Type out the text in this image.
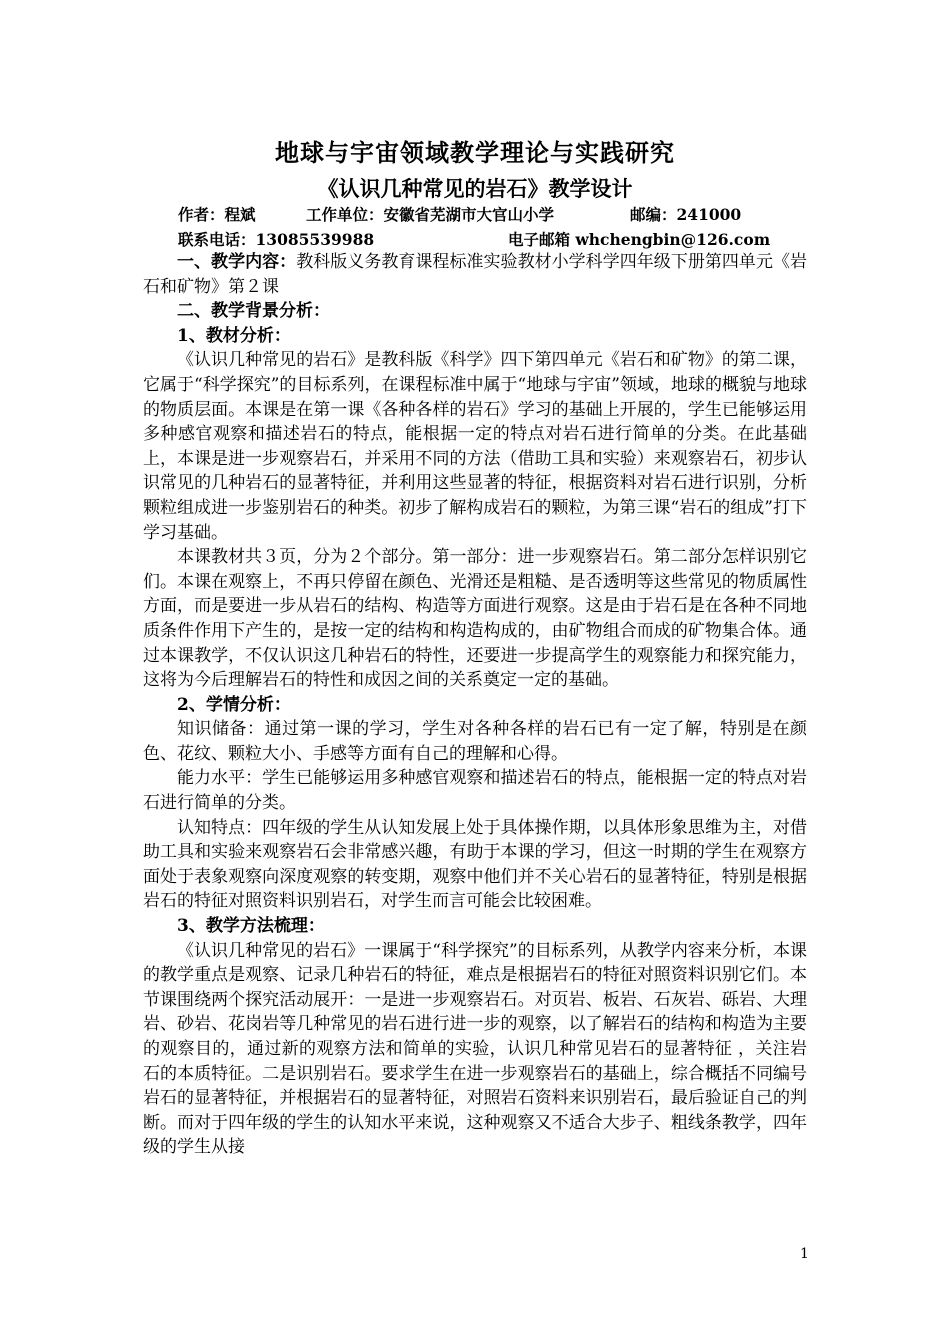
地球与宇宙领域教学理论与实践研究
《认识几种常见的岩石》教学设计
作者：程斌	工作单位：安徽省芜湖市大官山小学	邮编：241000
联系电话：13085539988	电子邮箱 whchengbin@126.com

一、教学内容：教科版义务教育课程标准实验教材小学科学四年级下册第四单元《岩石和矿物》第２课

二、教学背景分析：

1、教材分析：

《认识几种常见的岩石》是教科版《科学》四下第四单元《岩石和矿物》的第二课，它属于“科学探究”的目标系列，在课程标准中属于“地球与宇宙”领域，地球的概貌与地球的物质层面。本课是在第一课《各种各样的岩石》学习的基础上开展的，学生已能够运用多种感官观察和描述岩石的特点，能根据一定的特点对岩石进行简单的分类。在此基础上，本课是进一步观察岩石，并采用不同的方法（借助工具和实验）来观察岩石，初步认识常见的几种岩石的显著特征，并利用这些显著的特征，根据资料对岩石进行识别，分析颗粒组成进一步鉴别岩石的种类。初步了解构成岩石的颗粒，为第三课“岩石的组成”打下学习基础。

本课教材共３页，分为２个部分。第一部分：进一步观察岩石。第二部分怎样识别它们。本课在观察上，不再只停留在颜色、光滑还是粗糙、是否透明等这些常见的物质属性方面，而是要进一步从岩石的结构、构造等方面进行观察。这是由于岩石是在各种不同地质条件作用下产生的，是按一定的结构和构造构成的，由矿物组合而成的矿物集合体。通过本课教学，不仅认识这几种岩石的特性，还要进一步提高学生的观察能力和探究能力，这将为今后理解岩石的特性和成因之间的关系奠定一定的基础。

2、学情分析：

知识储备：通过第一课的学习，学生对各种各样的岩石已有一定了解，特别是在颜色、花纹、颗粒大小、手感等方面有自己的理解和心得。

能力水平：学生已能够运用多种感官观察和描述岩石的特点，能根据一定的特点对岩石进行简单的分类。

认知特点：四年级的学生从认知发展上处于具体操作期，以具体形象思维为主，对借助工具和实验来观察岩石会非常感兴趣，有助于本课的学习，但这一时期的学生在观察方面处于表象观察向深度观察的转变期，观察中他们并不关心岩石的显著特征，特别是根据岩石的特征对照资料识别岩石，对学生而言可能会比较困难。

3、教学方法梳理：

《认识几种常见的岩石》一课属于“科学探究”的目标系列，从教学内容来分析，本课的教学重点是观察、记录几种岩石的特征，难点是根据岩石的特征对照资料识别它们。本节课围绕两个探究活动展开：一是进一步观察岩石。对页岩、板岩、石灰岩、砾岩、大理岩、砂岩、花岗岩等几种常见的岩石进行进一步的观察，以了解岩石的结构和构造为主要的观察目的，通过新的观察方法和简单的实验，认识几种常见岩石的显著特征 ，关注岩石的本质特征。二是识别岩石。要求学生在进一步观察岩石的基础上，综合概括不同编号岩石的显著特征，并根据岩石的显著特征，对照岩石资料来识别岩石，最后验证自己的判断。而对于四年级的学生的认知水平来说，这种观察又不适合大步子、粗线条教学，四年级的学生从接

1
